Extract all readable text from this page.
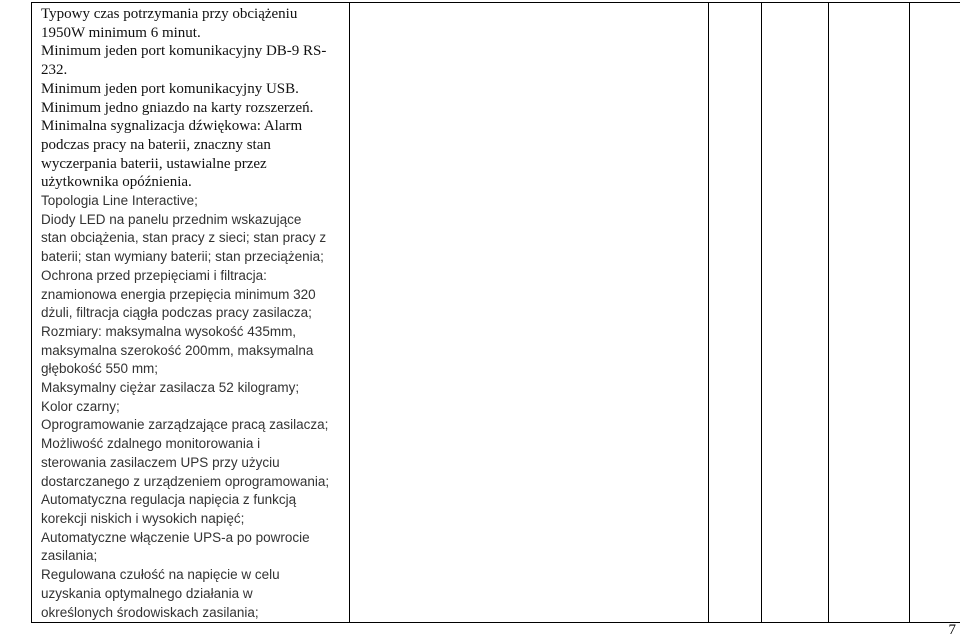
Typowy czas potrzymania przy obciążeniu
1950W minimum 6 minut.
Minimum jeden port komunikacyjny DB-9 RS-
232.
Minimum jeden port komunikacyjny USB.
Minimum jedno gniazdo na karty rozszerzeń.
Minimalna sygnalizacja dźwiękowa: Alarm
podczas pracy na baterii, znaczny stan
wyczerpania baterii, ustawialne przez
użytkownika opóźnienia.
Topologia Line Interactive;
Diody LED na panelu przednim wskazujące
stan obciążenia, stan pracy z sieci; stan pracy z
baterii; stan wymiany baterii; stan przeciążenia;
Ochrona przed przepięciami i filtracja:
znamionowa energia przepięcia minimum 320
dżuli, filtracja ciągła podczas pracy zasilacza;
Rozmiary: maksymalna wysokość 435mm,
maksymalna szerokość 200mm, maksymalna
głębokość 550 mm;
Maksymalny ciężar zasilacza 52 kilogramy;
Kolor czarny;
Oprogramowanie zarządzające pracą zasilacza;
Możliwość zdalnego monitorowania i
sterowania zasilaczem UPS przy użyciu
dostarczanego z urządzeniem oprogramowania;
Automatyczna regulacja napięcia z funkcją
korekcji niskich i wysokich napięć;
Automatyczne włączenie UPS-a po powrocie
zasilania;
Regulowana czułość na napięcie w celu
uzyskania optymalnego działania w
określonych środowiskach zasilania;

7
